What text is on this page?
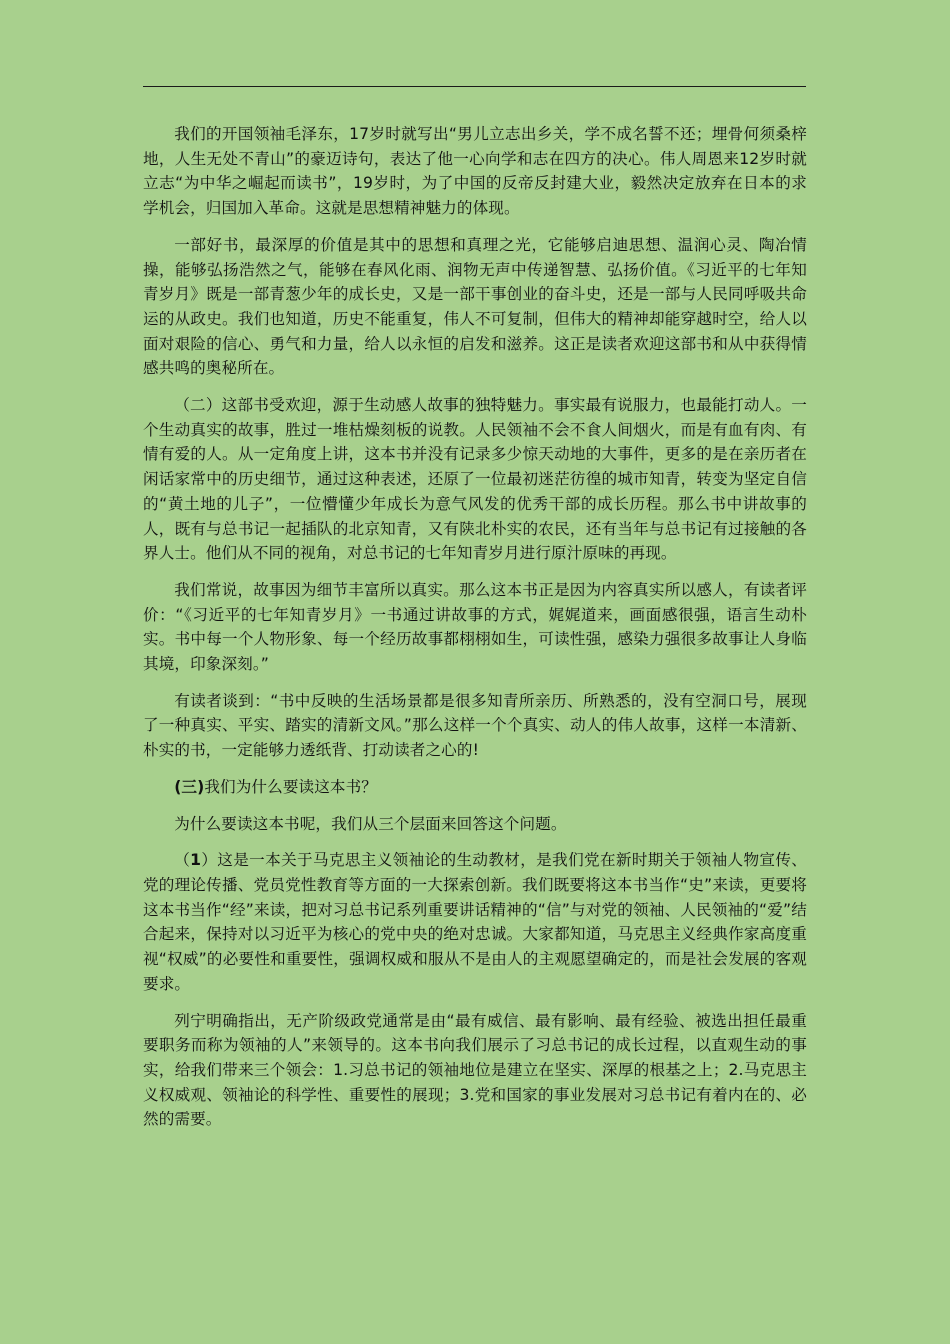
我们的开国领袖毛泽东，17岁时就写出“男儿立志出乡关，学不成名誓不还；埋骨何须桑梓地，人生无处不青山”的豪迈诗句，表达了他一心向学和志在四方的决心。伟人周恩来12岁时就立志“为中华之崛起而读书”，19岁时，为了中国的反帝反封建大业，毅然决定放弃在日本的求学机会，归国加入革命。这就是思想精神魅力的体现。

一部好书，最深厚的价值是其中的思想和真理之光，它能够启迪思想、温润心灵、陶冶情操，能够弘扬浩然之气，能够在春风化雨、润物无声中传递智慧、弘扬价值。《习近平的七年知青岁月》既是一部青葱少年的成长史，又是一部干事创业的奋斗史，还是一部与人民同呼吸共命运的从政史。我们也知道，历史不能重复，伟人不可复制，但伟大的精神却能穿越时空，给人以面对艰险的信心、勇气和力量，给人以永恒的启发和滋养。这正是读者欢迎这部书和从中获得情感共鸣的奥秘所在。

（二）这部书受欢迎，源于生动感人故事的独特魅力。事实最有说服力，也最能打动人。一个生动真实的故事，胜过一堆枯燥刻板的说教。人民领袖不会不食人间烟火，而是有血有肉、有情有爱的人。从一定角度上讲，这本书并没有记录多少惊天动地的大事件，更多的是在亲历者在闲话家常中的历史细节，通过这种表述，还原了一位最初迷茫彷徨的城市知青，转变为坚定自信的“黄土地的儿子”，一位懵懂少年成长为意气风发的优秀干部的成长历程。那么书中讲故事的人，既有与总书记一起插队的北京知青，又有陕北朴实的农民，还有当年与总书记有过接触的各界人士。他们从不同的视角，对总书记的七年知青岁月进行原汁原味的再现。

我们常说，故事因为细节丰富所以真实。那么这本书正是因为内容真实所以感人，有读者评价：“《习近平的七年知青岁月》一书通过讲故事的方式，娓娓道来，画面感很强，语言生动朴实。书中每一个人物形象、每一个经历故事都栩栩如生，可读性强，感染力强很多故事让人身临其境，印象深刻。”

有读者谈到：“书中反映的生活场景都是很多知青所亲历、所熟悉的，没有空洞口号，展现了一种真实、平实、踏实的清新文风。”那么这样一个个真实、动人的伟人故事，这样一本清新、朴实的书，一定能够力透纸背、打动读者之心的!

(三)我们为什么要读这本书？

为什么要读这本书呢，我们从三个层面来回答这个问题。

（1）这是一本关于马克思主义领袖论的生动教材，是我们党在新时期关于领袖人物宣传、党的理论传播、党员党性教育等方面的一大探索创新。我们既要将这本书当作“史”来读，更要将这本书当作“经”来读，把对习总书记系列重要讲话精神的“信”与对党的领袖、人民领袖的“爱”结合起来，保持对以习近平为核心的党中央的绝对忠诚。大家都知道，马克思主义经典作家高度重视“权威”的必要性和重要性，强调权威和服从不是由人的主观愿望确定的，而是社会发展的客观要求。

列宁明确指出，无产阶级政党通常是由“最有威信、最有影响、最有经验、被选出担任最重要职务而称为领袖的人”来领导的。这本书向我们展示了习总书记的成长过程，以直观生动的事实，给我们带来三个领会：1.习总书记的领袖地位是建立在坚实、深厚的根基之上；2.马克思主义权威观、领袖论的科学性、重要性的展现；3.党和国家的事业发展对习总书记有着内在的、必然的需要。
